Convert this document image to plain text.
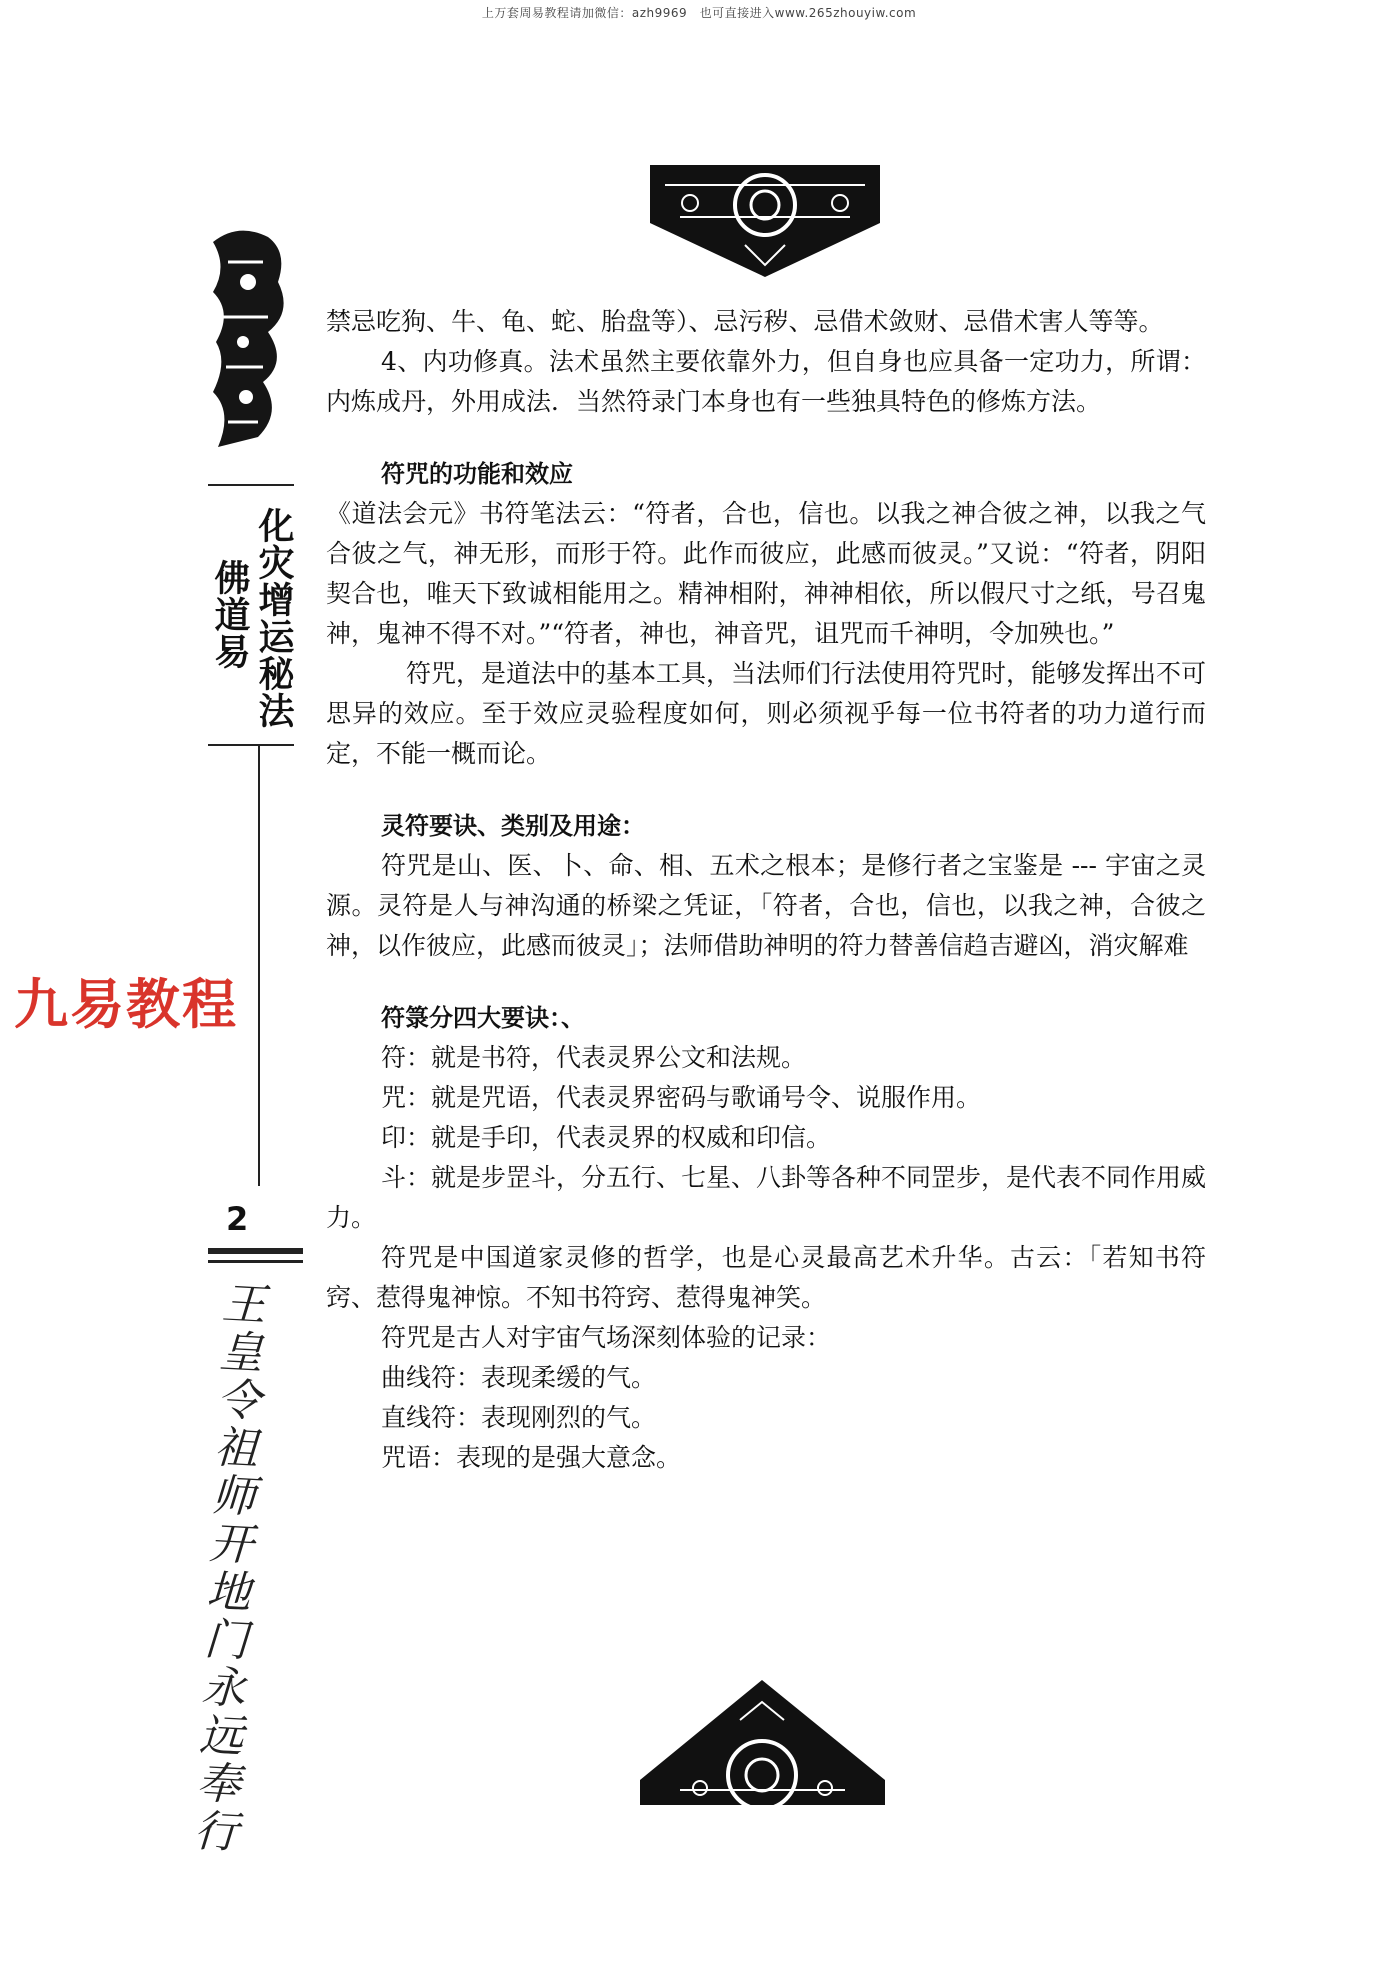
上万套周易教程请加微信：azh9969　也可直接进入www.265zhouyiw.com
化灾增运秘法
佛道易
2
九易教程
王皇令祖师开地门永远奉行

禁忌吃狗、牛、龟、蛇、胎盘等）、忌污秽、忌借术敛财、忌借术害人等等。

4、内功修真。法术虽然主要依靠外力，但自身也应具备一定功力，所谓：内炼成丹，外用成法．当然符录门本身也有一些独具特色的修炼方法。

符咒的功能和效应

《道法会元》书符笔法云：“符者，合也，信也。以我之神合彼之神，以我之气合彼之气，神无形，而形于符。此作而彼应，此感而彼灵。”又说：“符者，阴阳契合也，唯天下致诚相能用之。精神相附，神神相依，所以假尺寸之纸，号召鬼神，鬼神不得不对。”“符者，神也，神音咒，诅咒而千神明，令加殃也。”

符咒，是道法中的基本工具，当法师们行法使用符咒时，能够发挥出不可思异的效应。至于效应灵验程度如何，则必须视乎每一位书符者的功力道行而定，不能一概而论。

灵符要诀、类别及用途：

符咒是山、医、卜、命、相、五术之根本；是修行者之宝鉴是 --- 宇宙之灵源。灵符是人与神沟通的桥梁之凭证，「符者，合也，信也，以我之神，合彼之神，以作彼应，此感而彼灵」；法师借助神明的符力替善信趋吉避凶，消灾解难

符箓分四大要诀：、

符：就是书符，代表灵界公文和法规。

咒：就是咒语，代表灵界密码与歌诵号令、说服作用。

印：就是手印，代表灵界的权威和印信。

斗：就是步罡斗，分五行、七星、八卦等各种不同罡步，是代表不同作用威力。

符咒是中国道家灵修的哲学，也是心灵最高艺术升华。古云：「若知书符窍、惹得鬼神惊。不知书符窍、惹得鬼神笑。

符咒是古人对宇宙气场深刻体验的记录：

曲线符：表现柔缓的气。

直线符：表现刚烈的气。

咒语：表现的是强大意念。
